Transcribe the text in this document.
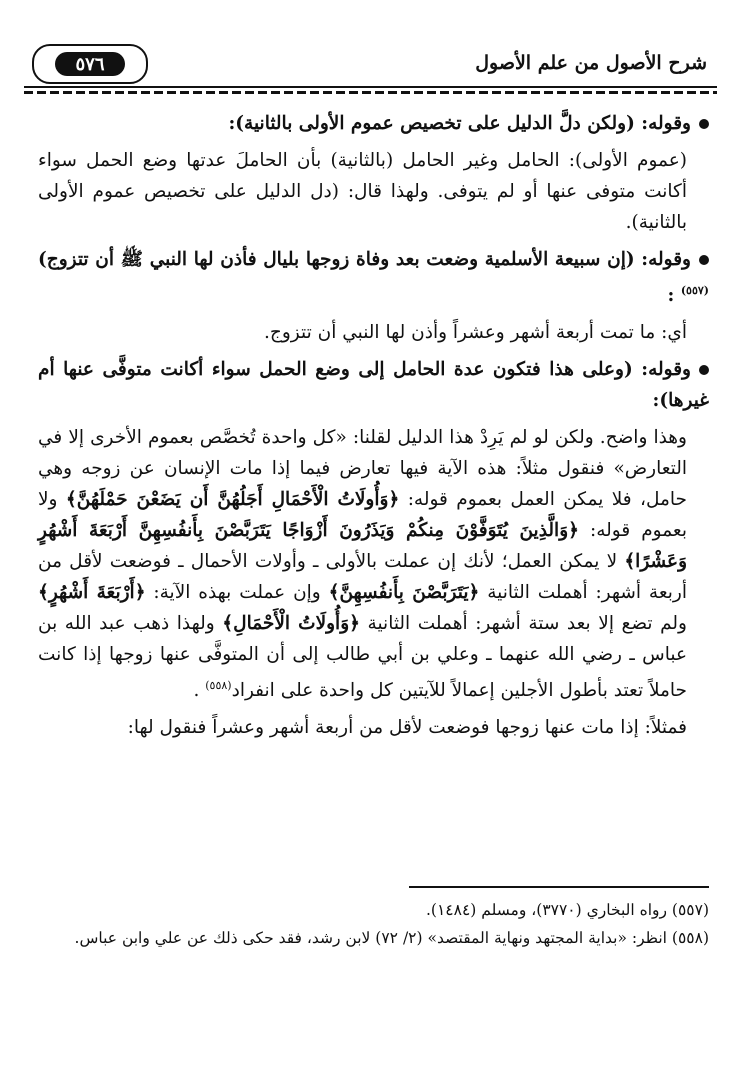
شرح الأصول من علم الأصول
٥٧٦

وقوله: (ولكن دلَّ الدليل على تخصيص عموم الأولى بالثانية):

(عموم الأولى): الحامل وغير الحامل (بالثانية) بأن الحاملَ عدتها وضع الحمل سواء أكانت متوفى عنها أو لم يتوفى. ولهذا قال: (دل الدليل على تخصيص عموم الأولى بالثانية).

وقوله: (إن سبيعة الأسلمية وضعت بعد وفاة زوجها بليال فأذن لها النبي ﷺ أن تتزوج)$^{(٥٥٧)}$ :

أي: ما تمت أربعة أشهر وعشراً وأذن لها النبي أن تتزوج.

وقوله: (وعلى هذا فتكون عدة الحامل إلى وضع الحمل سواء أكانت متوفَّى عنها أم غيرها):

وهذا واضح. ولكن لو لم يَرِدْ هذا الدليل لقلنا: «كل واحدة تُخصَّص بعموم الأخرى إلا في التعارض» فنقول مثلاً: هذه الآية فيها تعارض فيما إذا مات الإنسان عن زوجه وهي حامل، فلا يمكن العمل بعموم قوله: ﴿وَأُولَاتُ الْأَحْمَالِ أَجَلُهُنَّ أَن يَضَعْنَ حَمْلَهُنَّ﴾ ولا بعموم قوله: ﴿وَالَّذِينَ يُتَوَفَّوْنَ مِنكُمْ وَيَذَرُونَ أَزْوَاجًا يَتَرَبَّصْنَ بِأَنفُسِهِنَّ أَرْبَعَةَ أَشْهُرٍ وَعَشْرًا﴾ لا يمكن العمل؛ لأنك إن عملت بالأولى ـ وأولات الأحمال ـ فوضعت لأقل من أربعة أشهر: أهملت الثانية ﴿يَتَرَبَّصْنَ بِأَنفُسِهِنَّ﴾ وإن عملت بهذه الآية: ﴿أَرْبَعَةَ أَشْهُرٍ﴾ ولم تضع إلا بعد ستة أشهر: أهملت الثانية ﴿وَأُولَاتُ الْأَحْمَالِ﴾ ولهذا ذهب عبد الله بن عباس ـ رضي الله عنهما ـ وعلي بن أبي طالب إلى أن المتوفَّى عنها زوجها إذا كانت حاملاً تعتد بأطول الأجلين إعمالاً للآيتين كل واحدة على انفراد$^{(٥٥٨)}$ .

فمثلاً: إذا مات عنها زوجها فوضعت لأقل من أربعة أشهر وعشراً فنقول لها:

(٥٥٧) رواه البخاري (٣٧٧٠)، ومسلم (١٤٨٤).

(٥٥٨) انظر: «بداية المجتهد ونهاية المقتصد» (٢/ ٧٢) لابن رشد، فقد حكى ذلك عن علي وابن عباس.
